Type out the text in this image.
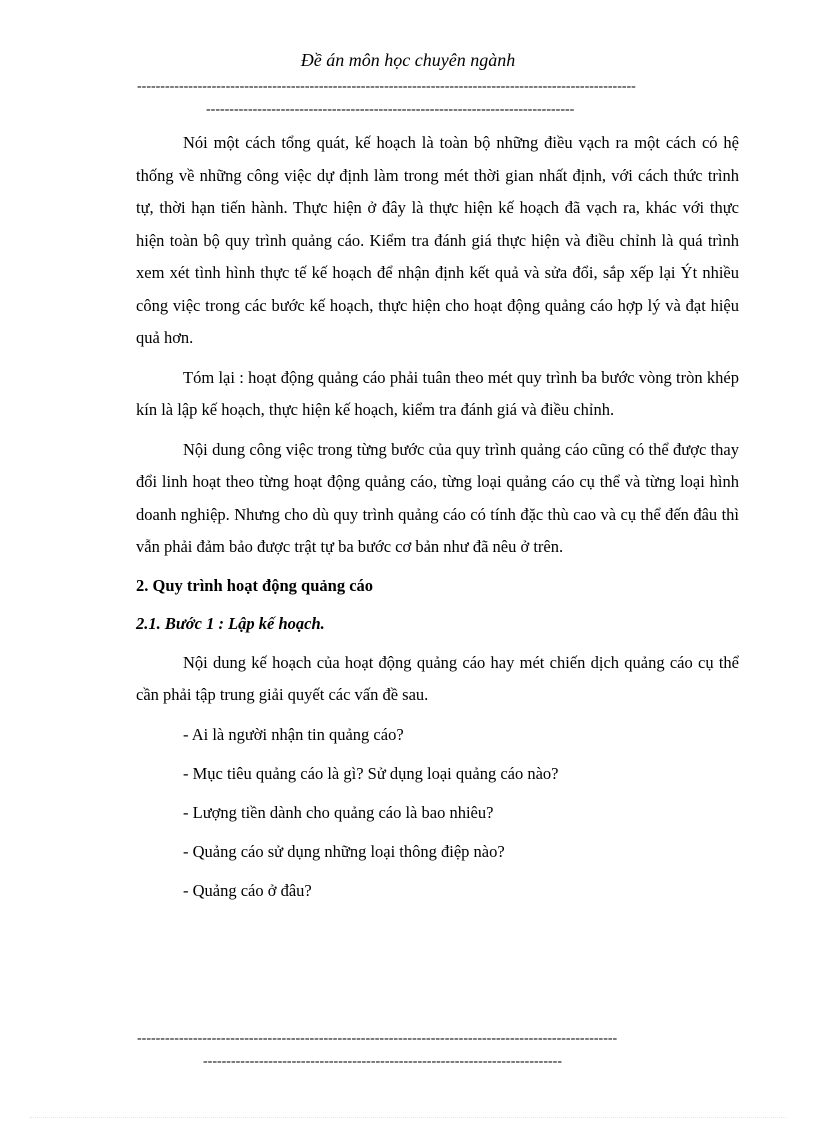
Đề án môn học chuyên ngành
-----------------------------------------------------------------------------------------------------------
-------------------------------------------------------------------------------

Nói một cách tổng quát, kế hoạch là toàn bộ những điều vạch ra một cách có hệ thống về những công việc dự định làm trong mét thời gian nhất định, với cách thức trình tự, thời hạn tiến hành. Thực hiện ở đây là thực hiện kế hoạch đã vạch ra, khác với thực hiện toàn bộ quy trình quảng cáo. Kiểm tra đánh giá thực hiện và điều chỉnh là quá trình xem xét tình hình thực tế kế hoạch để nhận định kết quả và sửa đổi, sắp xếp lại Ýt nhiều công việc trong các bước kế hoạch, thực hiện cho hoạt động quảng cáo hợp lý và đạt hiệu quả hơn.

Tóm lại : hoạt động quảng cáo phải tuân theo mét quy trình ba bước vòng tròn khép kín là lập kế hoạch, thực hiện kế hoạch, kiểm tra đánh giá và điều chỉnh.

Nội dung công việc trong từng bước của quy trình quảng cáo cũng có thể được thay đổi linh hoạt theo từng hoạt động quảng cáo, từng loại quảng cáo cụ thể và từng loại hình doanh nghiệp. Nhưng cho dù quy trình quảng cáo có tính đặc thù cao và cụ thể đến đâu thì vẫn phải đảm bảo được trật tự ba bước cơ bản như đã nêu ở trên.

2. Quy trình hoạt động quảng cáo

2.1. Bước 1 : Lập kế hoạch.

Nội dung kế hoạch của hoạt động quảng cáo hay mét chiến dịch quảng cáo cụ thể cần phải tập trung giải quyết các vấn đề sau.

- Ai là người nhận tin quảng cáo?

- Mục tiêu quảng cáo là gì? Sử dụng loại quảng cáo nào?

- Lượng tiền dành cho quảng cáo là bao nhiêu?

- Quảng cáo sử dụng những loại thông điệp nào?

- Quảng cáo ở đâu?

-------------------------------------------------------------------------------------------------------
-----------------------------------------------------------------------------
